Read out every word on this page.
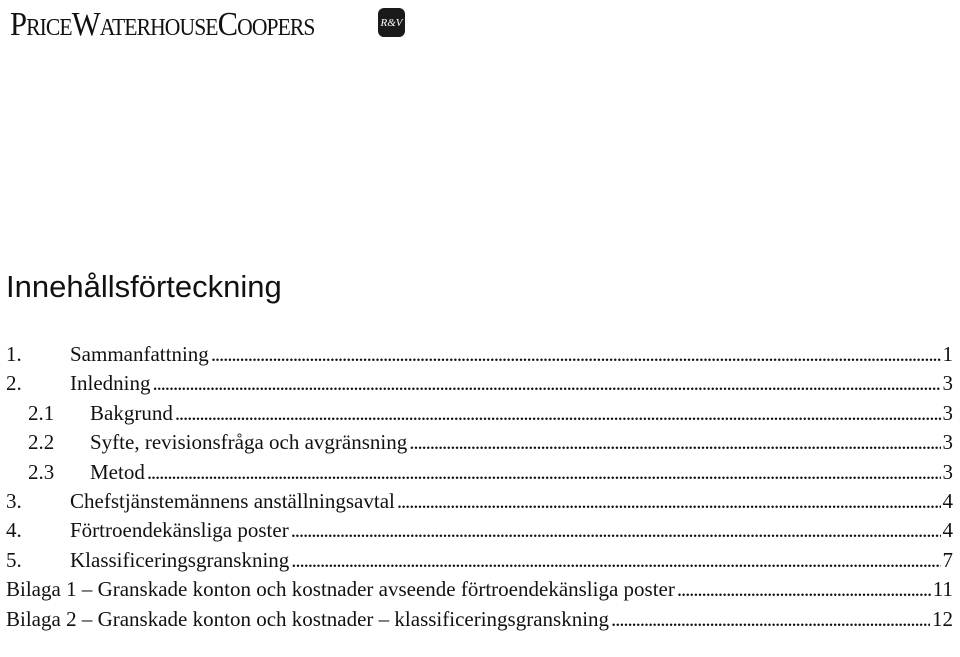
PriceWaterhouseCoopers	R&V
Innehållsförteckning
1.	Sammanfattning . . .	1
2.	Inledning . . .	3
2.1	Bakgrund . . .	3
2.2	Syfte, revisionsfråga och avgränsning . . .	3
2.3	Metod . . .	3
3.	Chefstjänstemännens anställningsavtal . . .	4
4.	Förtroendekänsliga poster . . .	4
5.	Klassificeringsgranskning . . .	7
Bilaga 1 – Granskade konton och kostnader avseende förtroendekänsliga poster . . .	11
Bilaga 2 – Granskade konton och kostnader – klassificeringsgranskning . . .	12
